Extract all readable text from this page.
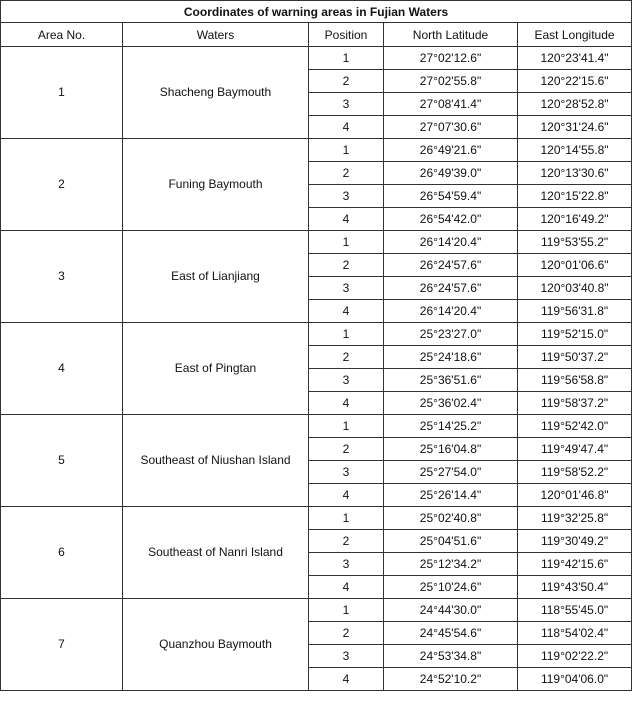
Coordinates of warning areas in Fujian Waters				
Area No.	Waters	Position	North Latitude	East Longitude
1	Shacheng Baymouth	1	27°02'12.6"	120°23'41.4"
		2	27°02'55.8"	120°22'15.6"
		3	27°08'41.4"	120°28'52.8"
		4	27°07'30.6"	120°31'24.6"
2	Funing Baymouth	1	26°49'21.6"	120°14'55.8"
		2	26°49'39.0"	120°13'30.6"
		3	26°54'59.4"	120°15'22.8"
		4	26°54'42.0"	120°16'49.2"
3	East of Lianjiang	1	26°14'20.4"	119°53'55.2"
		2	26°24'57.6"	120°01'06.6"
		3	26°24'57.6"	120°03'40.8"
		4	26°14'20.4"	119°56'31.8"
4	East of Pingtan	1	25°23'27.0"	119°52'15.0"
		2	25°24'18.6"	119°50'37.2"
		3	25°36'51.6"	119°56'58.8"
		4	25°36'02.4"	119°58'37.2"
5	Southeast of Niushan Island	1	25°14'25.2"	119°52'42.0"
		2	25°16'04.8"	119°49'47.4"
		3	25°27'54.0"	119°58'52.2"
		4	25°26'14.4"	120°01'46.8"
6	Southeast of Nanri Island	1	25°02'40.8"	119°32'25.8"
		2	25°04'51.6"	119°30'49.2"
		3	25°12'34.2"	119°42'15.6"
		4	25°10'24.6"	119°43'50.4"
7	Quanzhou Baymouth	1	24°44'30.0"	118°55'45.0"
		2	24°45'54.6"	118°54'02.4"
		3	24°53'34.8"	119°02'22.2"
		4	24°52'10.2"	119°04'06.0"
